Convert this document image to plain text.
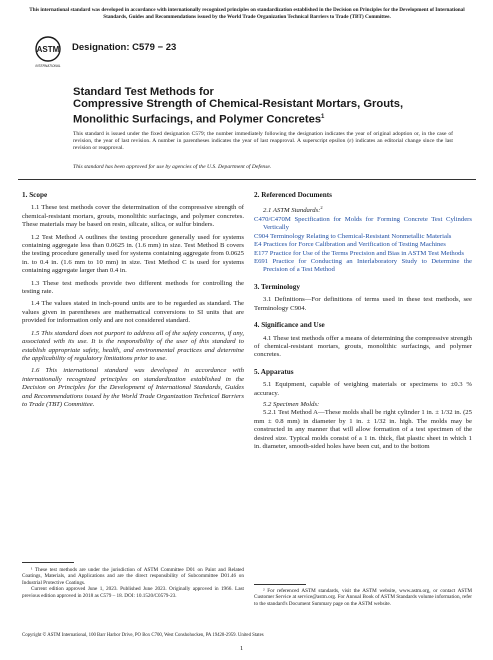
This international standard was developed in accordance with internationally recognized principles on standardization established in the Decision on Principles for the Development of International Standards, Guides and Recommendations issued by the World Trade Organization Technical Barriers to Trade (TBT) Committee.
ASTM
INTERNATIONAL
Designation: C579 − 23
Standard Test Methods for
Compressive Strength of Chemical-Resistant Mortars, Grouts, Monolithic Surfacings, and Polymer Concretes$^1$
This standard is issued under the fixed designation C579; the number immediately following the designation indicates the year of original adoption or, in the case of revision, the year of last revision. A number in parentheses indicates the year of last reapproval. A superscript epsilon (ε) indicates an editorial change since the last revision or reapproval.
This standard has been approved for use by agencies of the U.S. Department of Defense.
1. Scope

1.1 These test methods cover the determination of the compressive strength of chemical-resistant mortars, grouts, monolithic surfacings, and polymer concretes. These materials may be based on resin, silicate, silica, or sulfur binders.

1.2 Test Method A outlines the testing procedure generally used for systems containing aggregate less than 0.0625 in. (1.6 mm) in size. Test Method B covers the testing procedure generally used for systems containing aggregate from 0.0625 in. to 0.4 in. (1.6 mm to 10 mm) in size. Test Method C is used for systems containing aggregate larger than 0.4 in.

1.3 These test methods provide two different methods for controlling the testing rate.

1.4 The values stated in inch-pound units are to be regarded as standard. The values given in parentheses are mathematical conversions to SI units that are provided for information only and are not considered standard.

1.5 This standard does not purport to address all of the safety concerns, if any, associated with its use. It is the responsibility of the user of this standard to establish appropriate safety, health, and environmental practices and determine the applicability of regulatory limitations prior to use.

1.6 This international standard was developed in accordance with internationally recognized principles on standardization established in the Decision on Principles for the Development of International Standards, Guides and Recommendations issued by the World Trade Organization Technical Barriers to Trade (TBT) Committee.

¹ These test methods are under the jurisdiction of ASTM Committee D01 on Paint and Related Coatings, Materials, and Applications and are the direct responsibility of Subcommittee D01.46 on Industrial Protective Coatings.

Current edition approved June 1, 2023. Published June 2023. Originally approved in 1966. Last previous edition approved in 2018 as C579 – 18. DOI: 10.1520/C0579-23.

2. Referenced Documents

2.1 ASTM Standards:$^2$

C470/C470M Specification for Molds for Forming Concrete Test Cylinders Vertically
C904 Terminology Relating to Chemical-Resistant Nonmetallic Materials
E4 Practices for Force Calibration and Verification of Testing Machines
E177 Practice for Use of the Terms Precision and Bias in ASTM Test Methods
E691 Practice for Conducting an Interlaboratory Study to Determine the Precision of a Test Method
3. Terminology

3.1 Definitions—For definitions of terms used in these test methods, see Terminology C904.

4. Significance and Use

4.1 These test methods offer a means of determining the compressive strength of chemical-resistant mortars, grouts, monolithic surfacings, and polymer concretes.

5. Apparatus

5.1 Equipment, capable of weighing materials or specimens to ±0.3 % accuracy.

5.2 Specimen Molds:

5.2.1 Test Method A—These molds shall be right cylinder 1 in. ± 1/32 in. (25 mm ± 0.8 mm) in diameter by 1 in. ± 1/32 in. high. The molds may be constructed in any manner that will allow formation of a test specimen of the desired size. Typical molds consist of a 1 in. thick, flat plastic sheet in which 1 in. diameter, smooth-sided holes have been cut, and to the bottom

² For referenced ASTM standards, visit the ASTM website, www.astm.org, or contact ASTM Customer Service at service@astm.org. For Annual Book of ASTM Standards volume information, refer to the standard's Document Summary page on the ASTM website.

Copyright © ASTM International, 100 Barr Harbor Drive, PO Box C700, West Conshohocken, PA 19428-2959. United States
1
